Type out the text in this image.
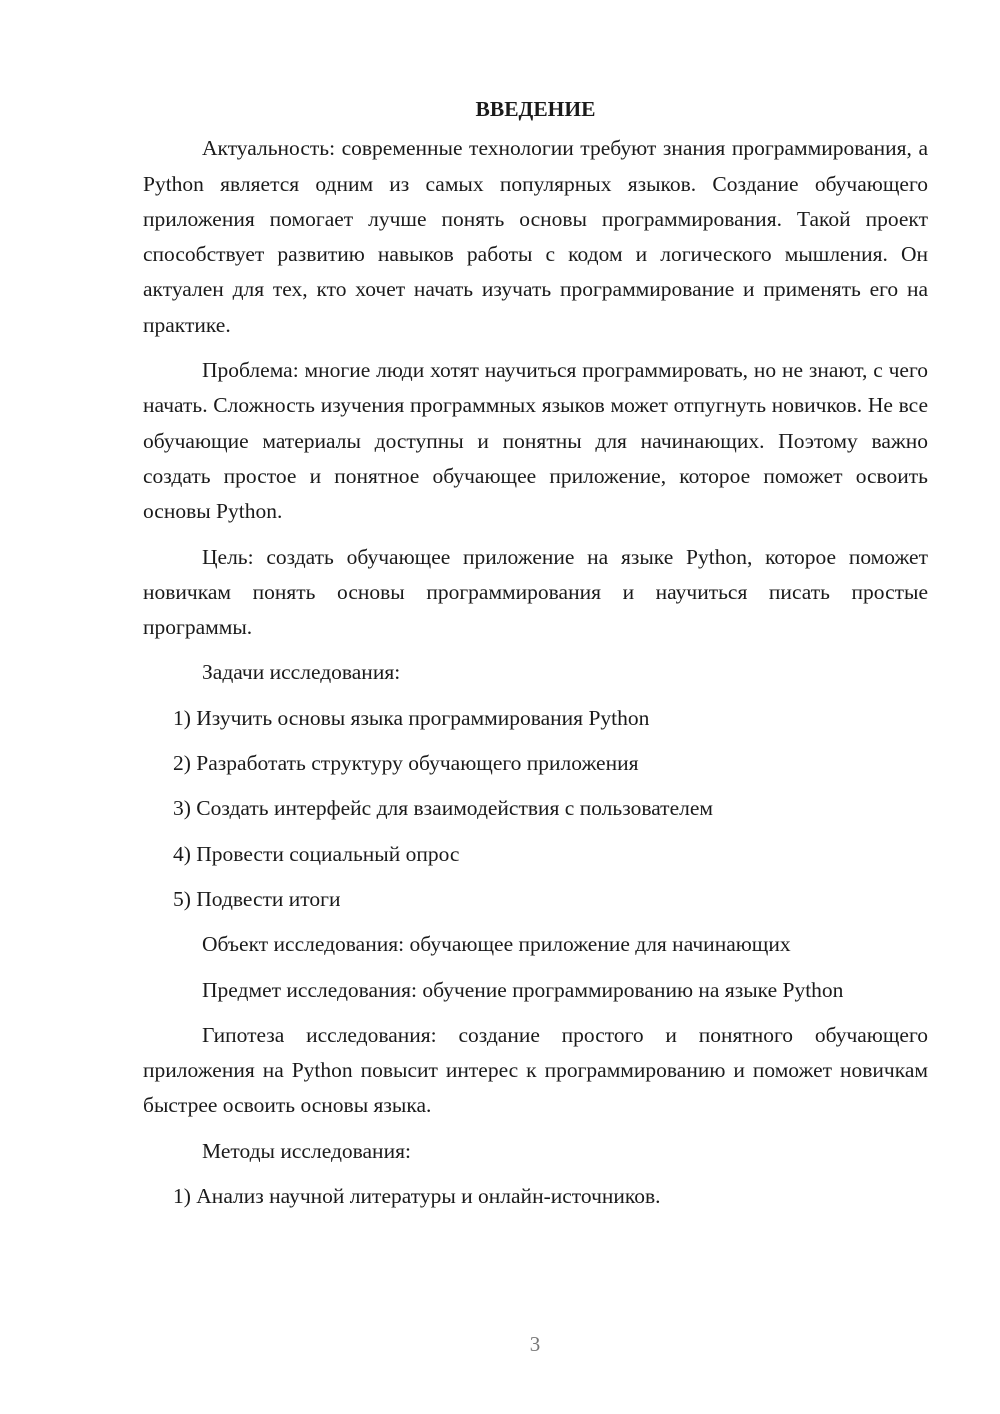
ВВЕДЕНИЕ

Актуальность: современные технологии требуют знания программирования, а Python является одним из самых популярных языков. Создание обучающего приложения помогает лучше понять основы программирования. Такой проект способствует развитию навыков работы с кодом и логического мышления. Он актуален для тех, кто хочет начать изучать программирование и применять его на практике.

Проблема: многие люди хотят научиться программировать, но не знают, с чего начать. Сложность изучения программных языков может отпугнуть новичков. Не все обучающие материалы доступны и понятны для начинающих. Поэтому важно создать простое и понятное обучающее приложение, которое поможет освоить основы Python.

Цель: создать обучающее приложение на языке Python, которое поможет новичкам понять основы программирования и научиться писать простые программы.

Задачи исследования:

1) Изучить основы языка программирования Python

2) Разработать структуру обучающего приложения

3) Создать интерфейс для взаимодействия с пользователем

4) Провести социальный опрос

5) Подвести итоги

Объект исследования: обучающее приложение для начинающих

Предмет исследования: обучение программированию на языке Python

Гипотеза исследования: создание простого и понятного обучающего приложения на Python повысит интерес к программированию и поможет новичкам быстрее освоить основы языка.

Методы исследования:

1) Анализ научной литературы и онлайн-источников.

3
